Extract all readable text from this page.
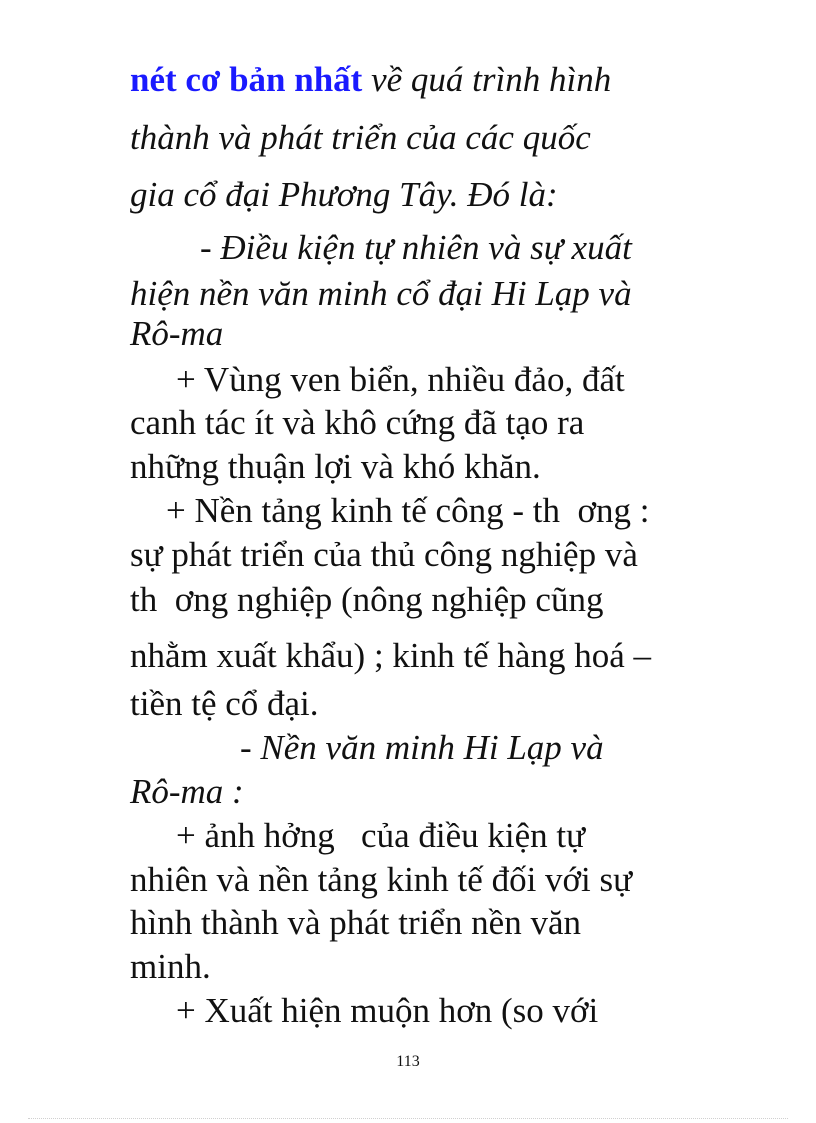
nét cơ bản nhất về quá trình hình
thành và phát triển của các quốc
gia cổ đại Phương Tây. Đó là:
- Điều kiện tự nhiên và sự xuất
hiện nền văn minh cổ đại Hi Lạp và
Rô-ma
+ Vùng ven biển, nhiều đảo, đất
canh tác ít và khô cứng đã tạo ra
những thuận lợi và khó khăn.
+ Nền tảng kinh tế công - th  ơng :
sự phát triển của thủ công nghiệp và
th  ơng nghiệp (nông nghiệp cũng
nhằm xuất khẩu) ; kinh tế hàng hoá –
tiền tệ cổ đại.
- Nền văn minh Hi Lạp và
Rô-ma :
+ ảnh hởng   của điều kiện tự
nhiên và nền tảng kinh tế đối với sự
hình thành và phát triển nền văn
minh.
+ Xuất hiện muộn hơn (so với
113
